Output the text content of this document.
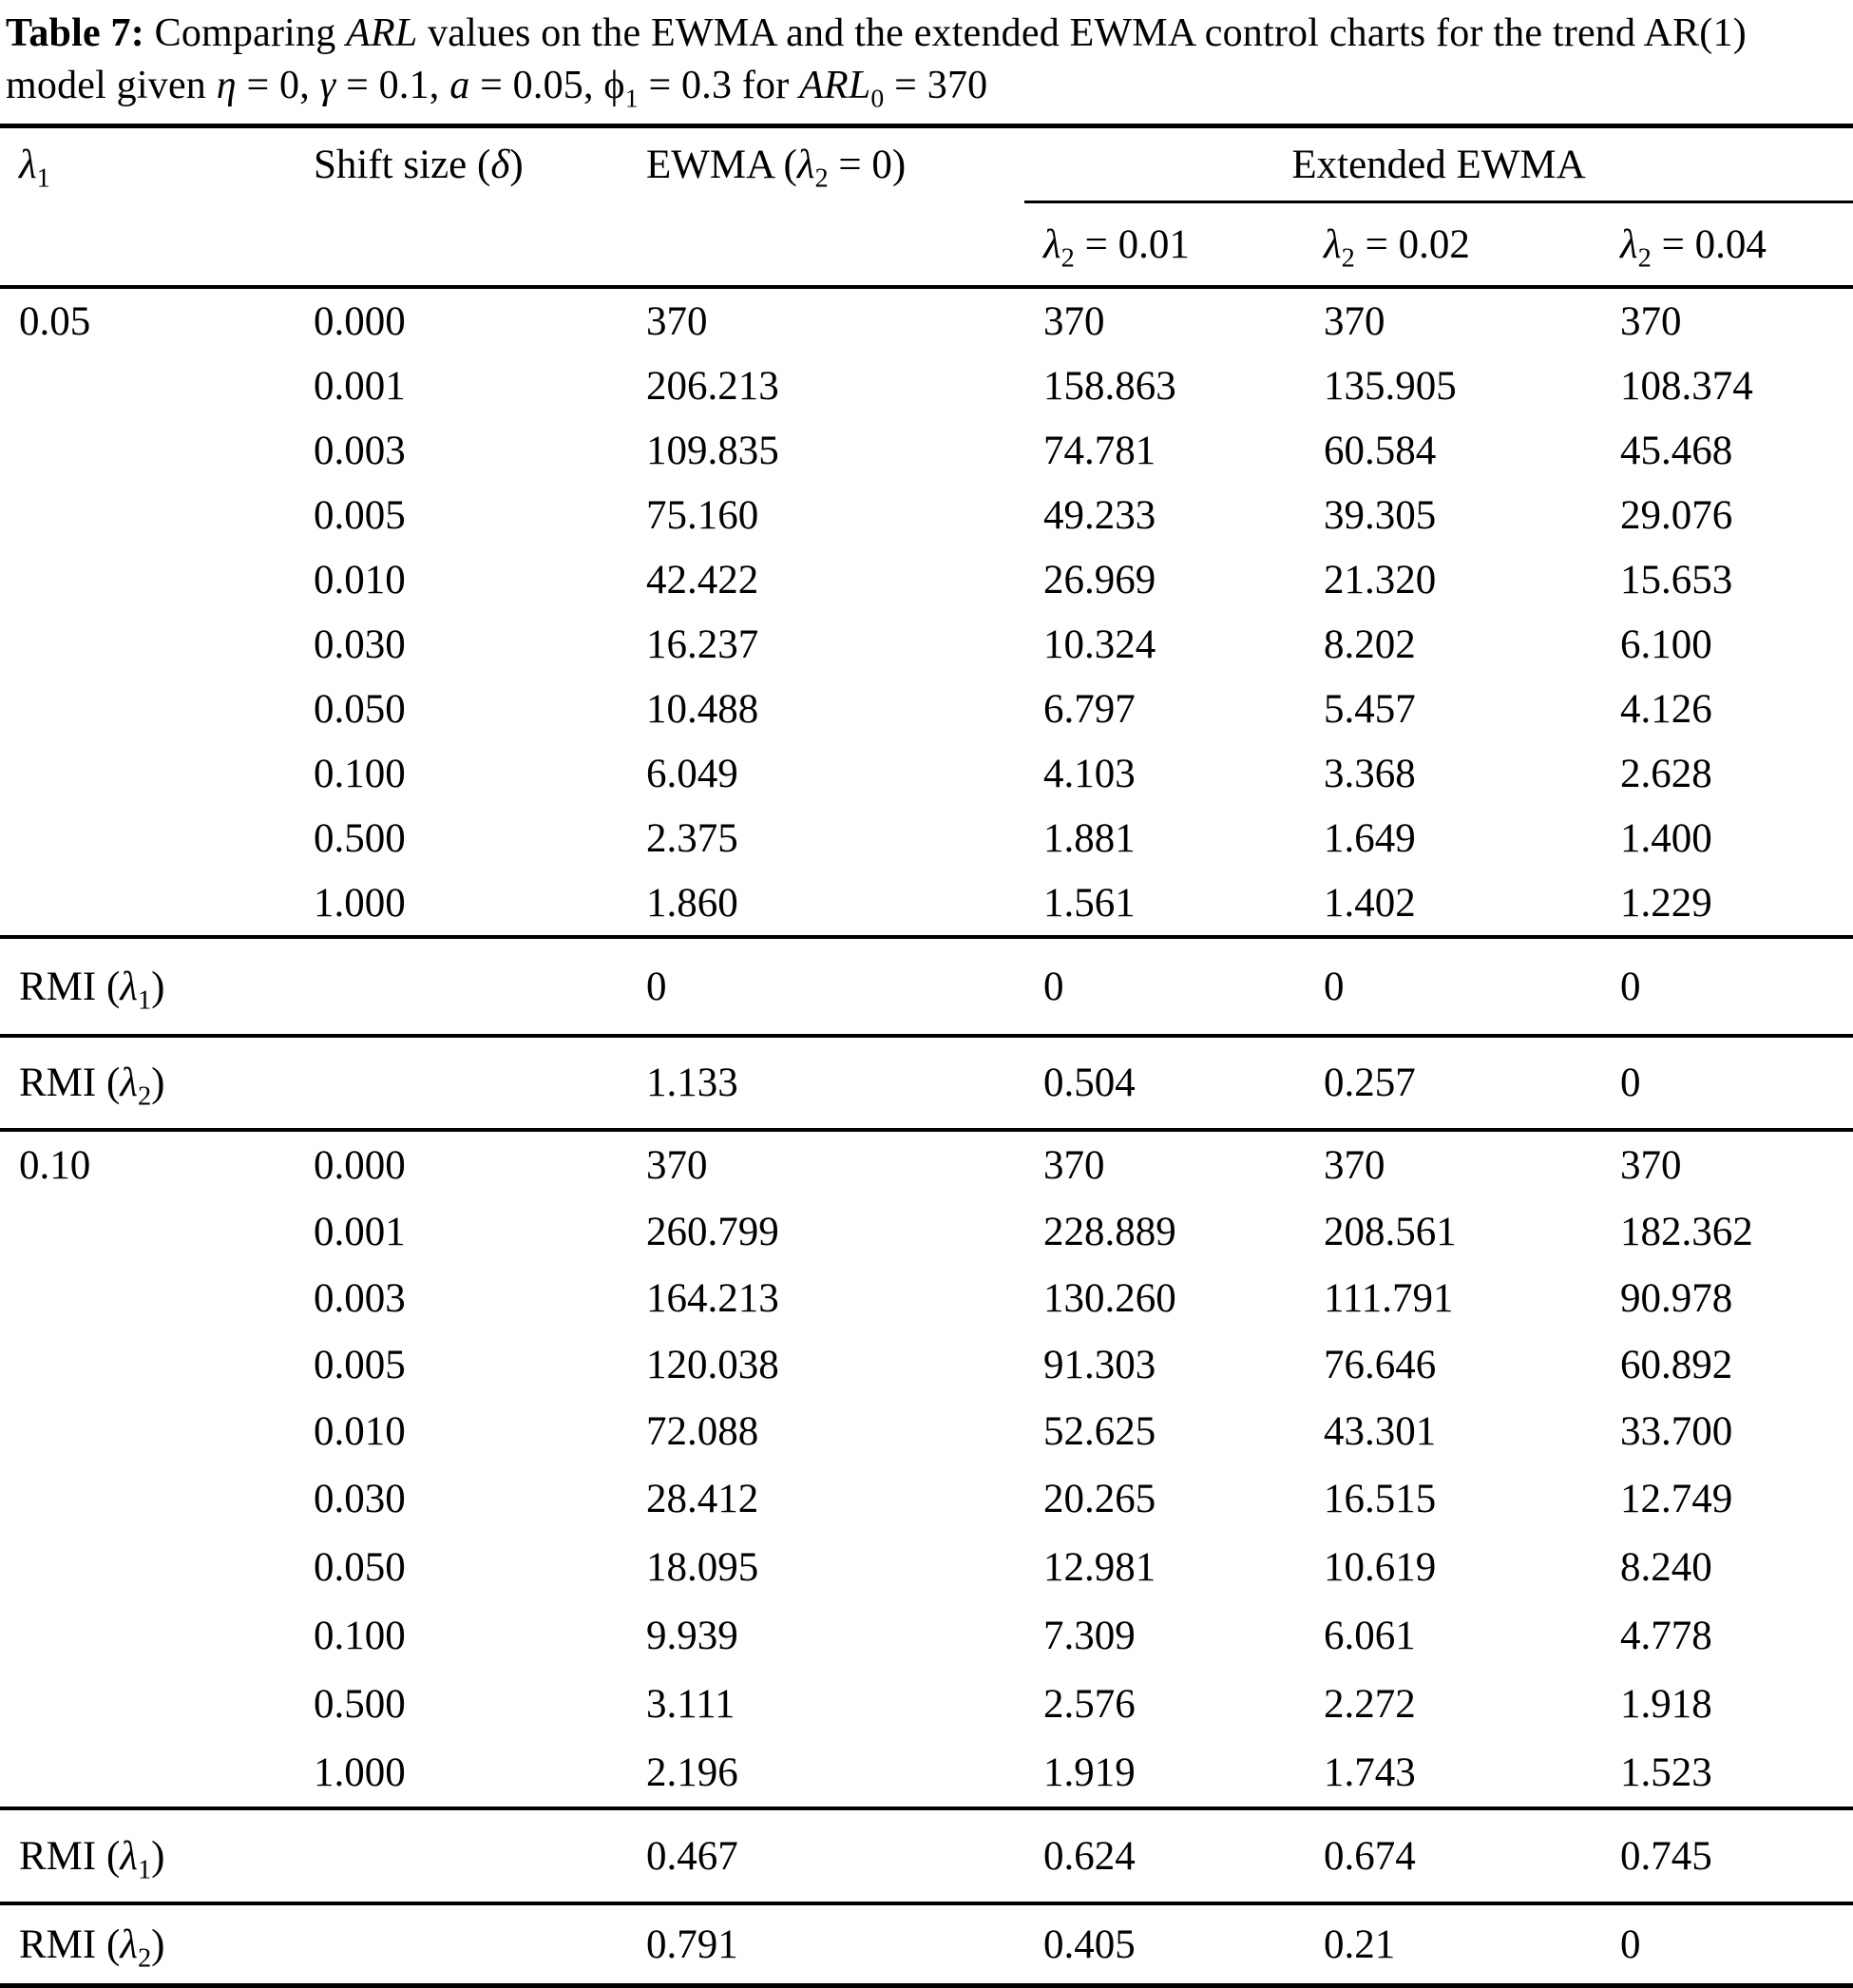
Table 7: Comparing ARL values on the EWMA and the extended EWMA control charts for the trend AR(1)
model given η = 0, γ = 0.1, a = 0.05, $\phi_1 = 0.3$ for $ARL_0 = 370$
$\lambda_1$	Shift size (δ)	EWMA $(\lambda_2 = 0)$	Extended EWMA		
			$\lambda_2 = 0.01$	$\lambda_2 = 0.02$	$\lambda_2 = 0.04$
0.05	0.000	370	370	370	370
	0.001	206.213	158.863	135.905	108.374
	0.003	109.835	74.781	60.584	45.468
	0.005	75.160	49.233	39.305	29.076
	0.010	42.422	26.969	21.320	15.653
	0.030	16.237	10.324	8.202	6.100
	0.050	10.488	6.797	5.457	4.126
	0.100	6.049	4.103	3.368	2.628
	0.500	2.375	1.881	1.649	1.400
	1.000	1.860	1.561	1.402	1.229
RMI $(\lambda_1)$		0	0	0	0
RMI $(\lambda_2)$		1.133	0.504	0.257	0
0.10	0.000	370	370	370	370
	0.001	260.799	228.889	208.561	182.362
	0.003	164.213	130.260	111.791	90.978
	0.005	120.038	91.303	76.646	60.892
	0.010	72.088	52.625	43.301	33.700
	0.030	28.412	20.265	16.515	12.749
	0.050	18.095	12.981	10.619	8.240
	0.100	9.939	7.309	6.061	4.778
	0.500	3.111	2.576	2.272	1.918
	1.000	2.196	1.919	1.743	1.523
RMI $(\lambda_1)$		0.467	0.624	0.674	0.745
RMI $(\lambda_2)$		0.791	0.405	0.21	0
